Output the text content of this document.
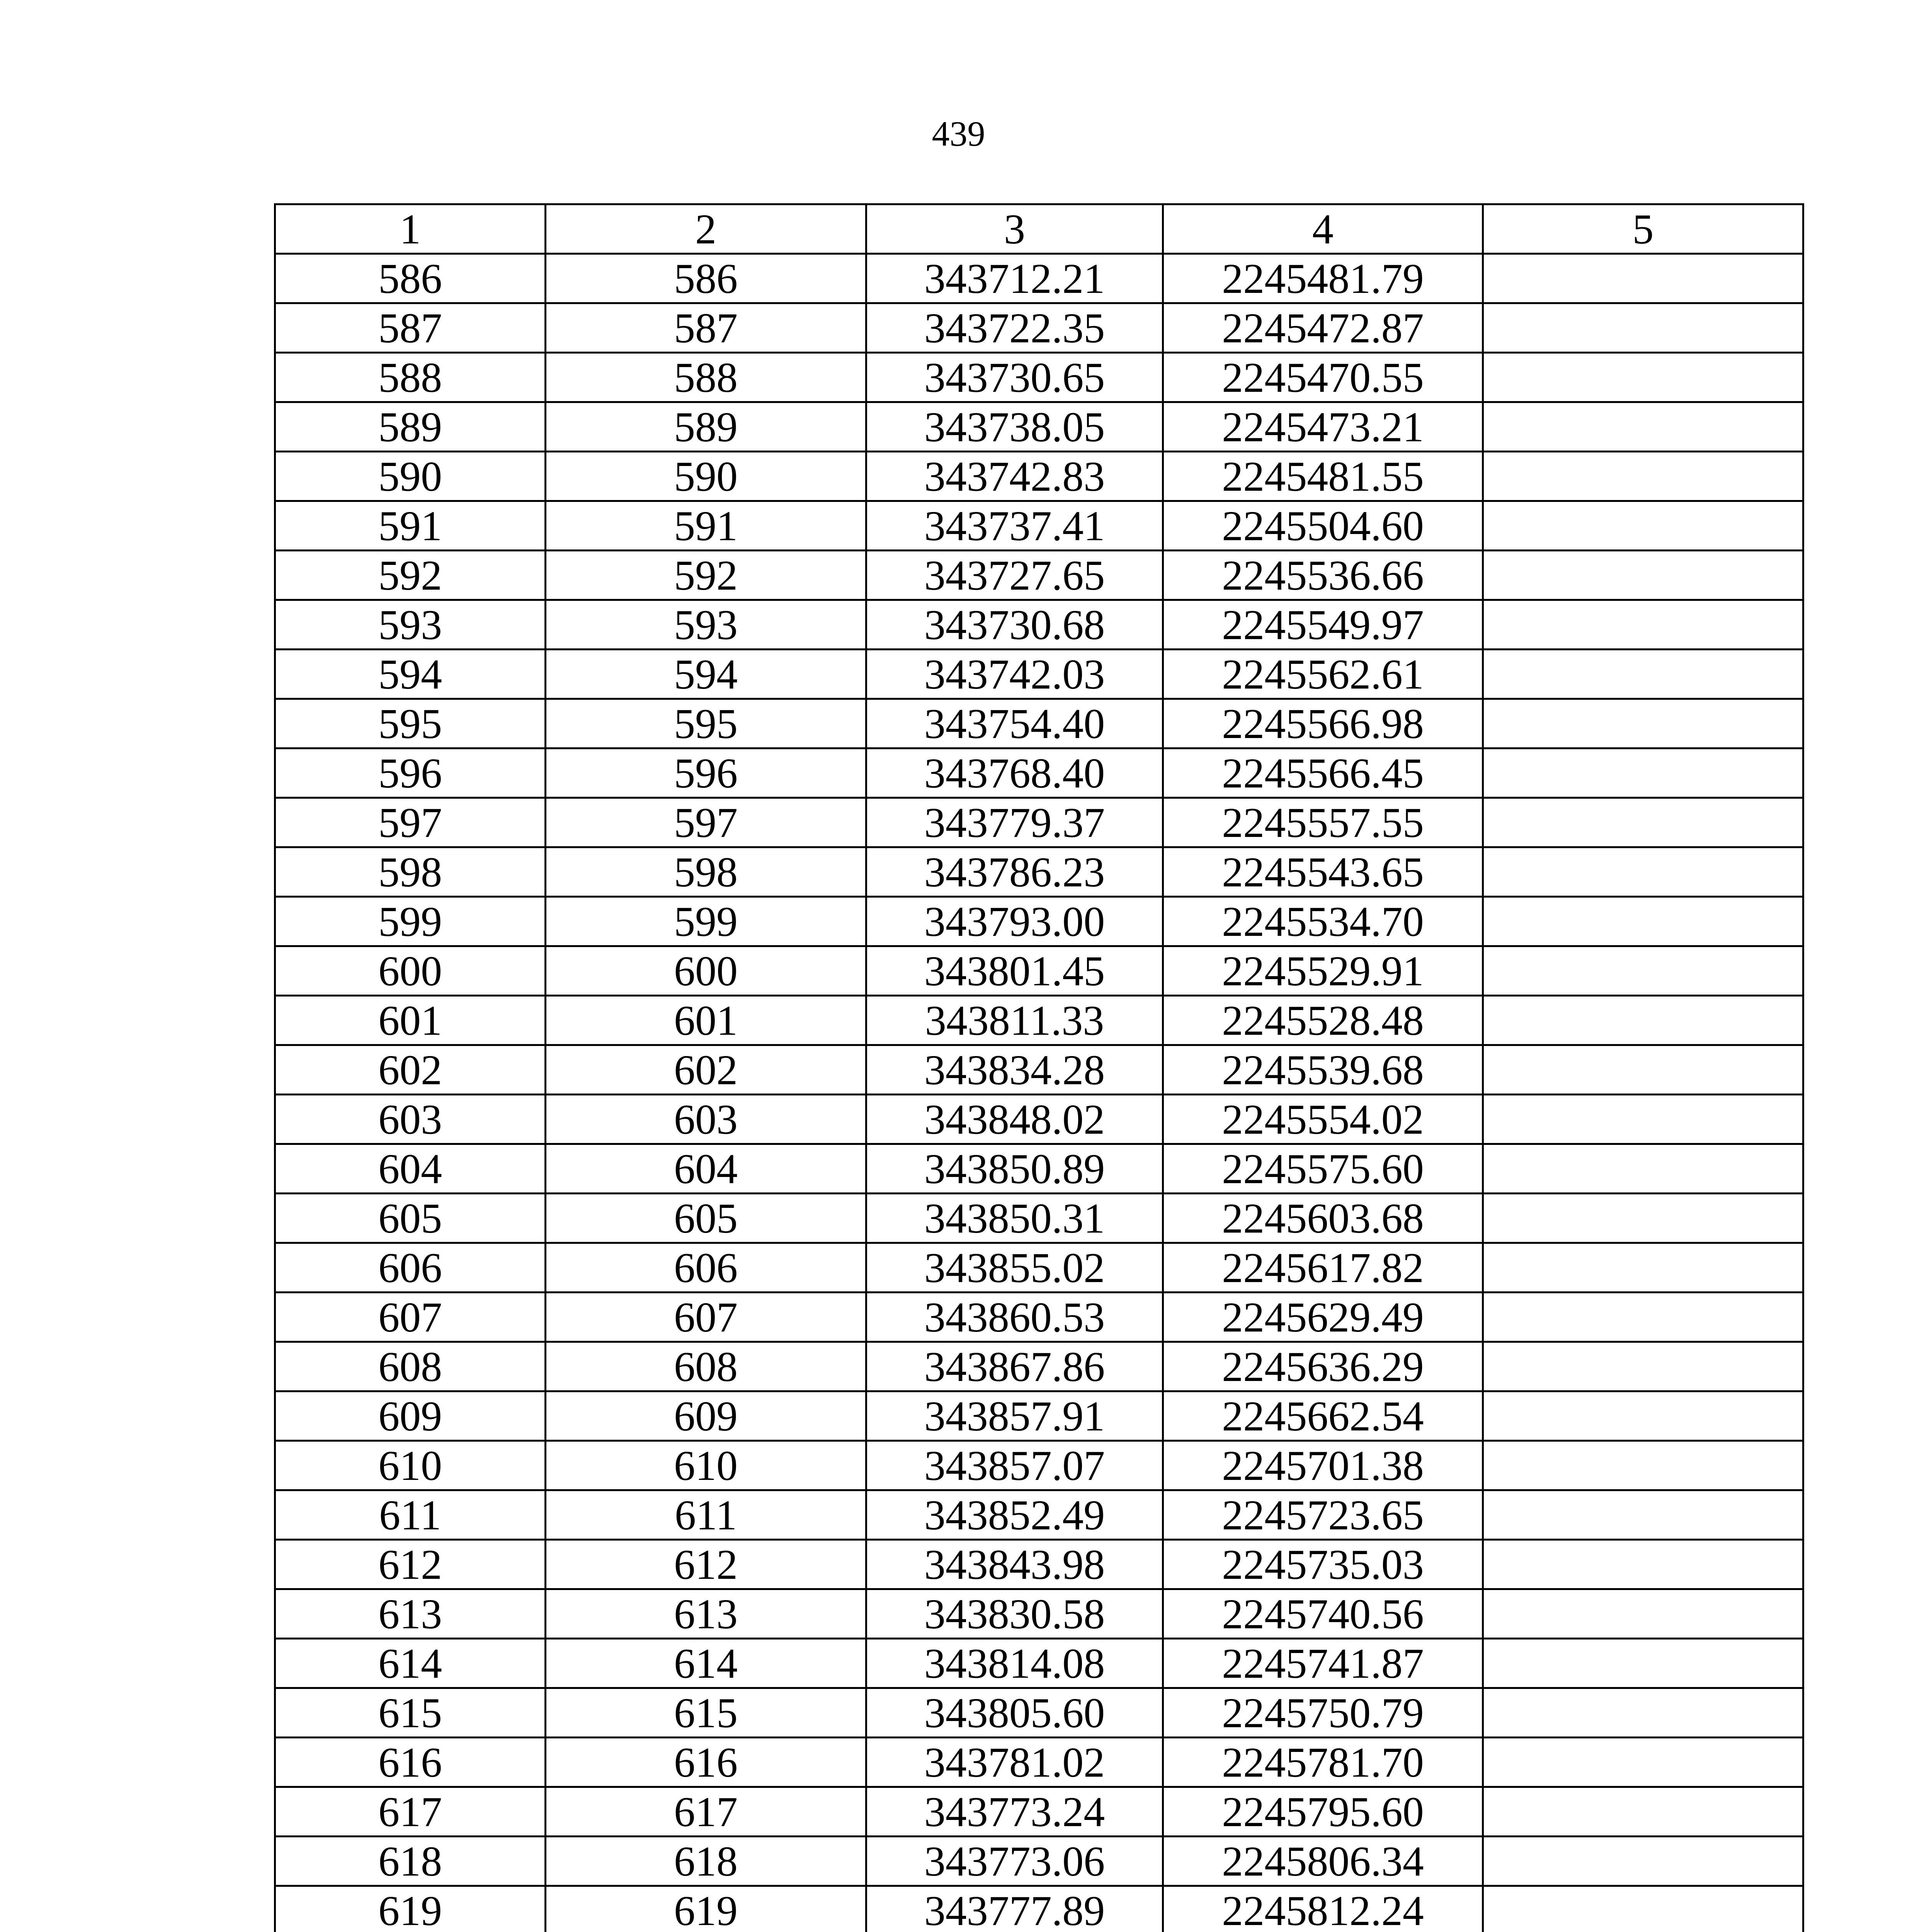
439
1	2	3	4	5
586	586	343712.21	2245481.79	
587	587	343722.35	2245472.87	
588	588	343730.65	2245470.55	
589	589	343738.05	2245473.21	
590	590	343742.83	2245481.55	
591	591	343737.41	2245504.60	
592	592	343727.65	2245536.66	
593	593	343730.68	2245549.97	
594	594	343742.03	2245562.61	
595	595	343754.40	2245566.98	
596	596	343768.40	2245566.45	
597	597	343779.37	2245557.55	
598	598	343786.23	2245543.65	
599	599	343793.00	2245534.70	
600	600	343801.45	2245529.91	
601	601	343811.33	2245528.48	
602	602	343834.28	2245539.68	
603	603	343848.02	2245554.02	
604	604	343850.89	2245575.60	
605	605	343850.31	2245603.68	
606	606	343855.02	2245617.82	
607	607	343860.53	2245629.49	
608	608	343867.86	2245636.29	
609	609	343857.91	2245662.54	
610	610	343857.07	2245701.38	
611	611	343852.49	2245723.65	
612	612	343843.98	2245735.03	
613	613	343830.58	2245740.56	
614	614	343814.08	2245741.87	
615	615	343805.60	2245750.79	
616	616	343781.02	2245781.70	
617	617	343773.24	2245795.60	
618	618	343773.06	2245806.34	
619	619	343777.89	2245812.24	
